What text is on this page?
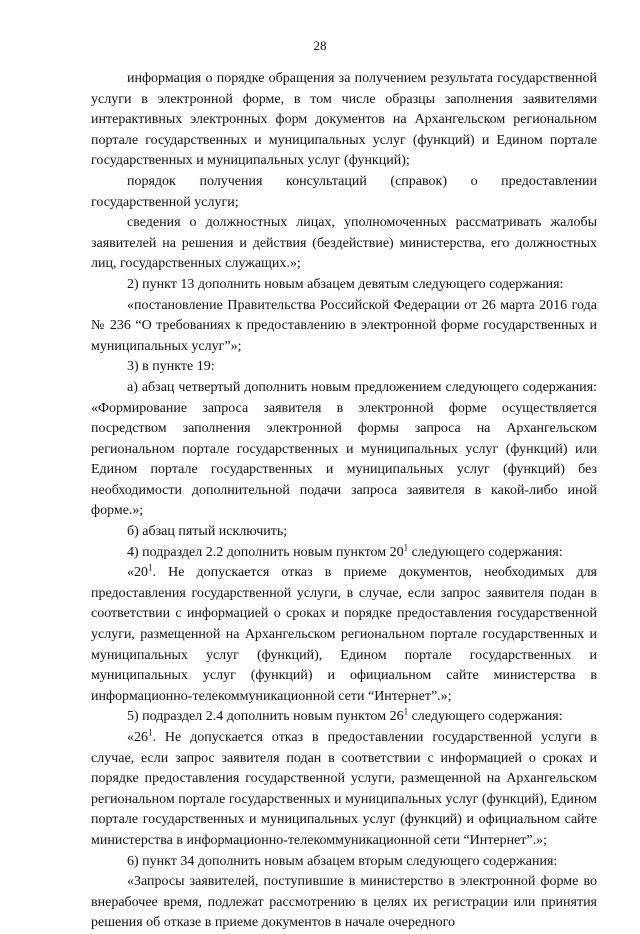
28

информация о порядке обращения за получением результата государственной услуги в электронной форме, в том числе образцы заполнения заявителями интерактивных электронных форм документов на Архангельском региональном портале государственных и муниципальных услуг (функций) и Едином портале государственных и муниципальных услуг (функций);

порядок получения консультаций (справок) о предоставлении государственной услуги;

сведения о должностных лицах, уполномоченных рассматривать жалобы заявителей на решения и действия (бездействие) министерства, его должностных лиц, государственных служащих.»;

2) пункт 13 дополнить новым абзацем девятым следующего содержания:

«постановление Правительства Российской Федерации от 26 марта 2016 года № 236 “О требованиях к предоставлению в электронной форме государственных и муниципальных услуг”»;

3) в пункте 19:

а) абзац четвертый дополнить новым предложением следующего содержания: «Формирование запроса заявителя в электронной форме осуществляется посредством заполнения электронной формы запроса на Архангельском региональном портале государственных и муниципальных услуг (функций) или Едином портале государственных и муниципальных услуг (функций) без необходимости дополнительной подачи запроса заявителя в какой-либо иной форме.»;

б) абзац пятый исключить;

4) подраздел 2.2 дополнить новым пунктом $20^1$ следующего содержания:

«$20^1$. Не допускается отказ в приеме документов, необходимых для предоставления государственной услуги, в случае, если запрос заявителя подан в соответствии с информацией о сроках и порядке предоставления государственной услуги, размещенной на Архангельском региональном портале государственных и муниципальных услуг (функций), Едином портале государственных и муниципальных услуг (функций) и официальном сайте министерства в информационно-телекоммуникационной сети “Интернет”.»;

5) подраздел 2.4 дополнить новым пунктом $26^1$ следующего содержания:

«$26^1$. Не допускается отказ в предоставлении государственной услуги в случае, если запрос заявителя подан в соответствии с информацией о сроках и порядке предоставления государственной услуги, размещенной на Архангельском региональном портале государственных и муниципальных услуг (функций), Едином портале государственных и муниципальных услуг (функций) и официальном сайте министерства в информационно-телекоммуникационной сети “Интернет”.»;

6) пункт 34 дополнить новым абзацем вторым следующего содержания:

«Запросы заявителей, поступившие в министерство в электронной форме во внерабочее время, подлежат рассмотрению в целях их регистрации или принятия решения об отказе в приеме документов в начале очередного
